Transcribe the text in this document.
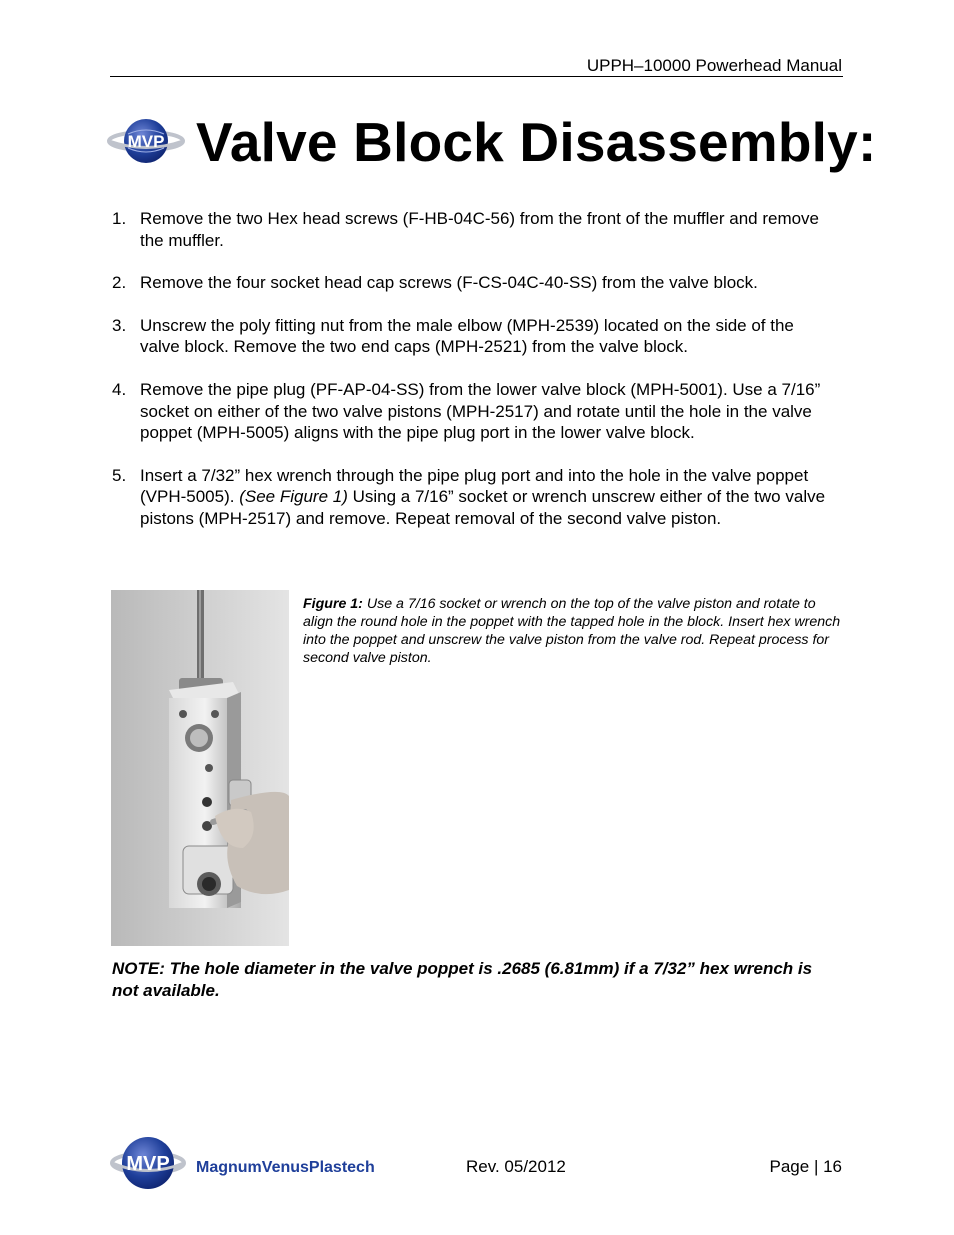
UPPH–10000 Powerhead Manual
MVP Valve Block Disassembly:
1. Remove the two Hex head screws (F-HB-04C-56) from the front of the muffler and remove the muffler.
2. Remove the four socket head cap screws (F-CS-04C-40-SS) from the valve block.
3. Unscrew the poly fitting nut from the male elbow (MPH-2539) located on the side of the valve block. Remove the two end caps (MPH-2521) from the valve block.
4. Remove the pipe plug (PF-AP-04-SS) from the lower valve block (MPH-5001). Use a 7/16” socket on either of the two valve pistons (MPH-2517) and rotate until the hole in the valve poppet (MPH-5005) aligns with the pipe plug port in the lower valve block.
5. Insert a 7/32” hex wrench through the pipe plug port and into the hole in the valve poppet (VPH-5005). (See Figure 1) Using a 7/16” socket or wrench unscrew either of the two valve pistons (MPH-2517) and remove. Repeat removal of the second valve piston.
Figure 1: Use a 7/16 socket or wrench on the top of the valve piston and rotate to align the round hole in the poppet with the tapped hole in the block. Insert hex wrench into the poppet and unscrew the valve piston from the valve rod. Repeat process for second valve piston.
NOTE: The hole diameter in the valve poppet is .2685 (6.81mm) if a 7/32” hex wrench is not available.
MVP MagnumVenusPlastech	Rev. 05/2012	Page | 16
